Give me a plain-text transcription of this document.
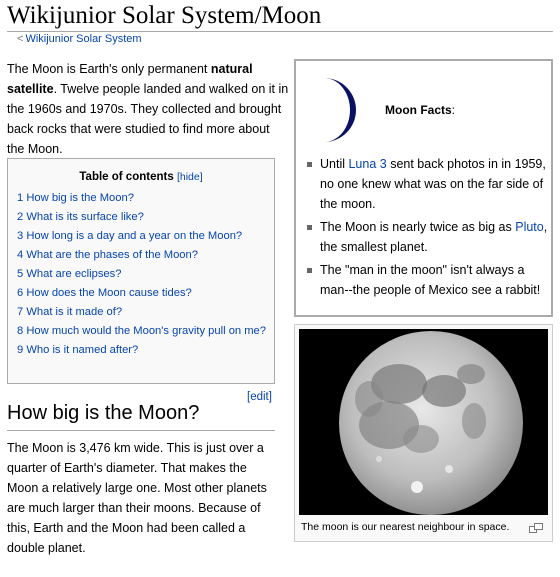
Wikijunior Solar System/Moon
< Wikijunior Solar System

The Moon is Earth's only permanent natural satellite. Twelve people landed and walked on it in the 1960s and 1970s. They collected and brought back rocks that were studied to find more about the Moon.

Table of contents [hide]
1 How big is the Moon?
2 What is its surface like?
3 How long is a day and a year on the Moon?
4 What are the phases of the Moon?
5 What are eclipses?
6 How does the Moon cause tides?
7 What is it made of?
8 How much would the Moon's gravity pull on me?
9 Who is it named after?
[edit]
How big is the Moon?

The Moon is 3,476 km wide. This is just over a quarter of Earth's diameter. That makes the Moon a relatively large one. Most other planets are much larger than their moons. Because of this, Earth and the Moon had been called a double planet.

Moon Facts:
Until Luna 3 sent back photos in in 1959, no one knew what was on the far side of the moon.
The Moon is nearly twice as big as Pluto, the smallest planet.
The "man in the moon" isn't always a man--the people of Mexico see a rabbit!
The moon is our nearest neighbour in space.
